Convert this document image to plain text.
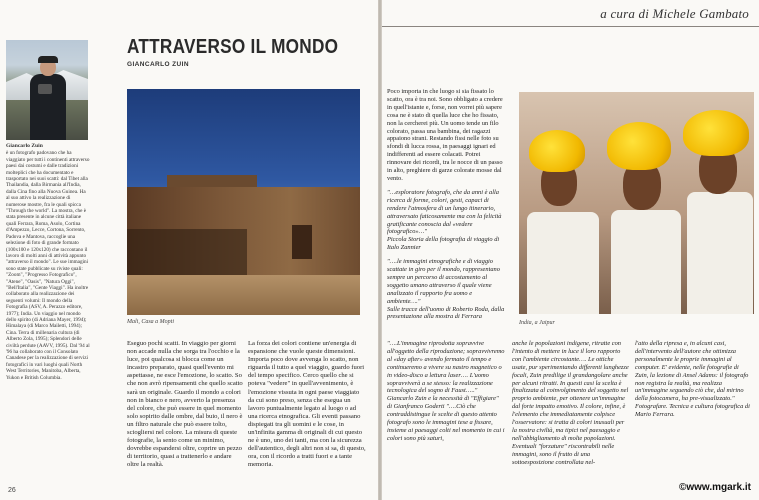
Giancarlo Zuin
è un fotografo padovano che ha viaggiato per tutti i continenti attraverso paesi dai costumi e dalle tradizioni molteplici che ha documentato e trasportato nei suoi scatti: dal Tibet alla Thailandia, dalla Birmania all'India, dalla Cina fino alla Nuova Guinea. Ha al suo attivo la realizzazione di numerose mostre, fra le quali spicca "Through the world". La mostra, che è stata presente in alcune città italiane quali Ferrara, Roma, Asolo, Cortina d'Ampezzo, Lecce, Cortona, Sorrento, Padova e Mantova, raccoglie una selezione di foto di grande formato (100x100 e 120x120) che raccontano il lavoro di molti anni di attività appunto "attraverso il mondo". Le sue immagini sono state pubblicate su riviste quali: "Zoom", "Progresso Fotografico", "Atene", "Oasis", "Natura Oggi", "Bell'Italia", "Gente Viaggi". Ha inoltre collaborato alla realizzazione dei seguenti volumi: Il mondo della Fotografia (ASV, A. Perazzo editore, 1977); India. Un viaggio nel mondo dello spirito (di Adriana Mayer, 1994); Himalaya (di Marco Mailetti, 1994); Cina. Terra di millenaria cultura (di Alberto Zola, 1995); Splendori delle civiltà perdute (AAVV, 1995). Dal '94 al '96 ha collaborato con il Consolato Canadese per la realizzazione di servizi fotografici in vari luoghi quali North West Territories, Manitoba, Alberta, Yukon e British Columbia.
ATTRAVERSO IL MONDO
GIANCARLO ZUIN
Mali, Casa a Mopti
Eseguo pochi scatti. In viaggio per giorni non accade nulla che sorga tra l'occhio e la luce, poi qualcosa si blocca come un incastro preparato, quasi quell'evento mi aspettasse, ne esce l'emozione, lo scatto. So che non avrò ripensamenti che quello scatto sarà un originale. Guardo il mondo a colori non in bianco e nero, avverto la presenza del colore, che può essere in quel momento solo sopirito dalle ombre, dal buio, il nero è un filtro naturale che può essere tolto, sciogliersi nel colore. La misura di queste fotografie, la sento come un minimo, dovrebbe espandersi oltre, coprire un pezzo di territorio, quasi a trattenerlo e andare oltre la realtà.
La forza dei colori contiene un'energia di espansione che vuole queste dimensioni. Importa poco dove avvenga lo scatto, non riguarda il tutto a quel viaggio, guardo fuori del tempo specifico. Cerco quello che si poteva "vedere" in quell'avvenimento, è l'emozione vissuta in ogni paese viaggiato da cui sono preso, senza che esegua un lavoro puntualmente legato al luogo o ad una ricerca etnografica. Gli eventi passano dispiegati tra gli uomini e le cose, in un'infinita gamma di originali di cui questo ne è uno, uno dei tanti, ma con la sicurezza dell'autentico, degli altri non si sa, di questo, ora, con il ricordo a tratti fuori e a tante memoria.
26
a cura di Michele Gambato

Poco importa in che luogo si sia fissato lo scatto, ora è tra noi. Sono obbligato a credere in quell'istante e, forse, non vorrei più sapere cosa ne è stato di quella luce che ho fissato, non la cercherei più. Un uomo tende un filo colorato, passa una bambina, dei ragazzi appaiono strani. Restando fissi nelle foto su sfondi di lucca rossa, in paesaggi ignari ed indifferenti ad essere colacati. Potrei rinnovare dei ricordi, tra le nocce di un passo in alto, preghiere di garze colorate mosse dal vento.

"…esploratore fotografo, che da anni è alla ricerca di forme, colori, gesti, capaci di rendere l'atmosfera di un lungo itinerario, attraversato faticosamente ma con la felicità gratificante conoscia dal «vedere fotografico»…"

Piccola Storia della fotografia di viaggio di Italo Zannier

"….le immagini etnografiche e di viaggio scattate in giro per il mondo, rappresentano sempre un percorso di accostamento al soggetto umano attraverso il quale viene analizzato il rapporto fra uomo e ambiente…."

Sulle tracce dell'uomo di Roberto Roda, dalla presentazione alla mostra di Ferrara

India, a Jaipur
"….L'immagine riprodotta sopravvive all'oggetto della riproduzione; sopravvivremo al «day after» avendo fermato il tempo e continueremo a vivere su nastro magnetico o in video-disco a lettura laser…. L'uomo sopravviverà a se stesso: la realizzazione tecnologica del sogno di Faust….." Giancarlo Zuin e la necessità di "Effigiare" di Gianfranco Goderti "….Ciò che contraddistingue le scelte di questo attento fotografo sono le immagini tese a fissare, insieme ai paesaggi colti nel momento in cui i colori sono più saturi,
anche le popolazioni indigene, ritratte con l'intento di mettere in luce il loro rapporto con l'ambiente circostante…. Le ottiche usate, pur sperimentando differenti lunghezze focali, Zuin predilige il grandangolare anche per alcuni ritratti. In questi casi la scelta è finalizzata al coinvolgimento del soggetto nel proprio ambiente, per ottenere un'immagine dal forte impatto emotivo. Il colore, infine, è l'elemento che immediatamente colpisce l'osservatore: si tratta di colori inusuali per la nostra civiltà, ma tipici nel paesaggio e nell'abbigliamento di molte popolazioni. Eventuali "forzature" riscontrabili nelle immagini, sono il frutto di una sottoesposizione controllata nel-
l'atto della ripresa e, in alcuni casi, dell'intervento dell'autore che ottimizza personalmente le proprie immagini al computer. E' evidente, nelle fotografie di Zuin, la lezione di Ansel Adams: il fotografo non registra la realtà, ma realizza un'immagine seguendo ciò che, dal mirino della fotocamera, ha pre-visualizzato." Fotografare. Tecnica e cultura fotografica di Mario Ferrara.
©www.mgark.it
